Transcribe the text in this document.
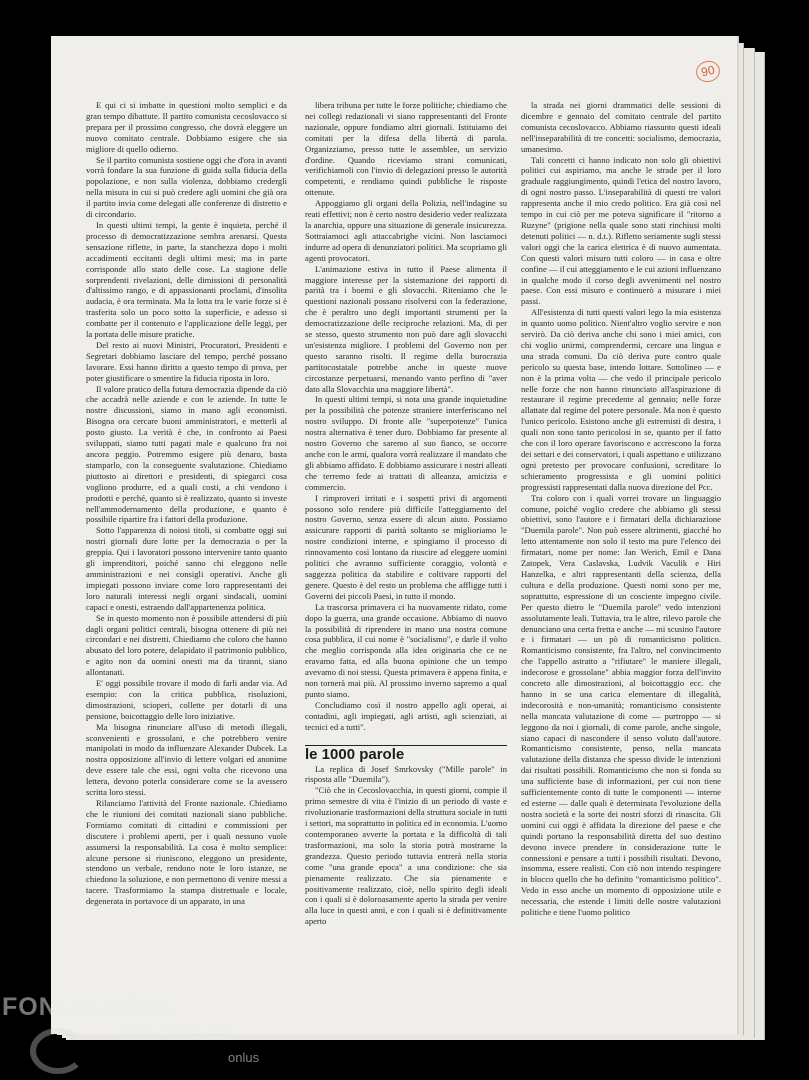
E qui ci si imbatte in questioni molto semplici e da gran tempo dibattute. Il partito comunista cecoslovacco si prepara per il prossimo congresso, che dovrà eleggere un nuovo comitato centrale. Dobbiamo esigere che sia migliore di quello odierno.

Se il partito comunista sostiene oggi che d'ora in avanti vorrà fondare la sua funzione di guida sulla fiducia della popolazione, e non sulla violenza, dobbiamo crederglì nella misura in cui si può credere agli uomini che già ora il partito invia come delegati alle conferenze di distretto e di circondario.

In questi ultimi tempi, la gente è inquieta, perché il processo di democratizzazione sembra arenarsi. Questa sensazione riflette, in parte, la stanchezza dopo i molti accadimenti eccitanti degli ultimi mesi; ma in parte corrisponde allo stato delle cose. La stagione delle sorprendenti rivelazioni, delle dimissioni di personalità d'altissimo rango, e di appassionanti proclami, d'insolita audacia, è ora terminata. Ma la lotta tra le varie forze si è trasferita solo un poco sotto la superficie, e adesso si combatte per il contenuto e l'applicazione delle leggi, per la portata delle misure pratiche.

Del resto ai nuovi Ministri, Procuratori, Presidenti e Segretari dobbiamo lasciare del tempo, perché possano lavorare. Essi hanno diritto a questo tempo di prova, per poter giustificare o smentire la fiducia riposta in loro.

Il valore pratico della futura democrazia dipende da ciò che accadrà nelle aziende e con le aziende. In tutte le nostre discussioni, siamo in mano agli economisti. Bisogna ora cercare buoni amministratori, e metterli al posto giusto. La verità è che, in confronto ai Paesi sviluppati, siamo tutti pagati male e qualcuno fra noi ancora peggio. Potremmo esigere più denaro, basta stamparlo, con la conseguente svalutazione. Chiediamo piuttosto ai direttori e presidenti, di spiegarci cosa vogliono produrre, ed a quali costi, a chi vendono i prodotti e perché, quanto si è realizzato, quanto si investe nell'ammodernamento della produzione, e quanto è possibile ripartire fra i fattori della produzione.

Sotto l'apparenza di noiosi titoli, si combatte oggi sui nostri giornali dure lotte per la democrazia o per la greppia. Qui i lavoratori possono intervenire tanto quanto gli imprenditori, poiché sanno chi eleggono nelle amministrazioni e nei consigli operativi. Anche gli impiegati possono inviare come loro rappresentanti dei loro naturali interessi negli organi sindacali, uomini capaci e onesti, estraendo dall'appartenenza politica.

Se in questo momento non è possibile attendersi di più dagli organi politici centrali, bisogna ottenere di più nei circondari e nei distretti. Chiediamo che coloro che hanno abusato del loro potere, delapidato il patrimonio pubblico, e agito non da uomini onesti ma da tiranni, siano allontanati.

E' oggi possibile trovare il modo di farli andar via. Ad esempio: con la critica pubblica, risoluzioni, dimostrazioni, scioperi, collette per dotarli di una pensione, boicottaggio delle loro iniziative.

Ma bisogna rinunciare all'uso di metodi illegali, sconvenienti e grossolani, e che potrebbero venire manipolati in modo da influenzare Alexander Dubcek. La nostra opposizione all'invio di lettere volgari ed anonime deve essere tale che essi, ogni volta che ricevono una lettera, devono poterla considerare come se la avessero scritta loro stessi.

Rilanciamo l'attività del Fronte nazionale. Chiediamo che le riunioni dei comitati nazionali siano pubbliche. Formiamo comitati di cittadini e commissioni per discutere i problemi aperti, per i quali nessuno vuole assumersi la responsabilità. La cosa è molto semplice: alcune persone si riuniscono, eleggono un presidente, stendono un verbale, rendono note le loro istanze, ne chiedono la soluzione, e non permettono di venire messi a tacere. Trasformiamo la stampa distrettuale e locale, degenerata in portavoce di un apparato, in una

libera tribuna per tutte le forze politiche; chiediamo che nei collegi redazionali vi siano rappresentanti del Fronte nazionale, oppure fondiamo altri giornali. Istituiamo dei comitati per la difesa della libertà di parola. Organizziamo, presso tutte le assemblee, un servizio d'ordine. Quando riceviamo strani comunicati, verifichiamoli con l'invio di delegazioni presso le autorità competenti, e rendiamo quindi pubbliche le risposte ottenute.

Appoggiamo gli organi della Polizia, nell'indagine su reati effettivi; non è certo nostro desiderio veder realizzata la anarchia, oppure una situazione di generale insicurezza. Sottraiamoci agli attaccabrighe vicini. Non lasciamoci indurre ad opera di denunziatori politici. Ma scopriamo gli agenti provocatori.

L'animazione estiva in tutto il Paese alimenta il maggiore interesse per la sistemazione dei rapporti di parità tra i boemi e gli slovacchi. Riteniamo che le questioni nazionali possano risolversi con la federazione, che è peraltro uno degli importanti strumenti per la democratizzazione delle reciproche relazioni. Ma, di per se stesso, questo strumento non può dare agli slovacchi un'esistenza migliore. I problemi del Governo non per questo saranno risolti. Il regime della burocrazia partitocostatale potrebbe anche in queste nuove circostanze perpetuarsi, menando vanto perfino di "aver dato alla Slovacchia una maggiore libertà".

In questi ultimi tempi, si nota una grande inquietudine per la possibilità che potenze straniere interferiscano nel nostro sviluppo. Di fronte alle "superpotenze" l'unica nostra alternativa è tener duro. Dobbiamo far presente al nostro Governo che saremo al suo fianco, se occorre anche con le armi, qualora vorrà realizzare il mandato che gli abbiamo affidato. E dobbiamo assicurare i nostri alleati che terremo fede ai trattati di alleanza, amicizia e commercio.

I rimproveri irritati e i sospetti privi di argomenti possono solo rendere più difficile l'atteggiamento del nostro Governo, senza essere di alcun aiuto. Possiamo assicurare rapporti di parità soltanto se miglioriamo le nostre condizioni interne, e spingiamo il processo di rinnovamento così lontano da riuscire ad eleggere uomini politici che avranno sufficiente coraggio, volontà e saggezza politica da stabilire e coltivare rapporti del genere. Questo è del resto un problema che affligge tutti i Governi dei piccoli Paesi, in tutto il mondo.

La trascorsa primavera ci ha nuovamente ridato, come dopo la guerra, una grande occasione. Abbiamo di nuovo la possibilità di riprendere in mano una nostra comune cosa pubblica, il cui nome è "socialismo", e darle il volto che meglio corrisponda alla idea originaria che ce ne eravamo fatta, ed alla buona opinione che un tempo avevamo di noi stessi. Questa primavera è appena finita, e non tornerà mai più. Al prossimo inverno sapremo a qual punto siamo.

Concludiamo così il nostro appello agli operai, ai contadini, agli impiegati, agli artisti, agli scienziati, ai tecnici ed a tutti".

le 1000 parole

La replica di Josef Smrkovsky ("Mille parole" in risposta alle "Duemila").

"Ciò che in Cecoslovacchia, in questi giorni, compie il primo semestre di vita è l'inizio di un periodo di vaste e rivoluzionarie trasformazioni della struttura sociale in tutti i settori, ma soprattutto in politica ed in economia. L'uomo contemporaneo avverte la portata e la difficoltà di tali trasformazioni, ma solo la storia potrà mostrarne la grandezza. Questo periodo tuttavia entrerà nella storia come "una grande epoca" a una condizione: che sia pienamente realizzato. Che sia pienamente e positivamente realizzato, cioè, nello spirito degli ideali con i quali si è doloroasamente aperto la strada per venire alla luce in questi anni, e con i quali si è definitivamente aperto

la strada nei giorni drammatici delle sessioni di dicembre e gennaio del comitato centrale del partito comunista cecoslovacco. Abbiamo riassunto questi ideali nell'inseparabilità di tre concetti: socialismo, democrazia, umanesimo.

Tali concetti ci hanno indicato non solo gli obiettivi politici cui aspiriamo, ma anche le strade per il loro graduale raggiungimento, quindi l'etica del nostro lavoro, di ogni nostro passo. L'inseparabilità di questi tre valori rappresenta anche il mio credo politico. Era già così nel tempo in cui ciò per me poteva significare il "ritorno a Ruzyne" (prigione nella quale sono stati rinchiusi molti detenuti politici — n. d.t.). Rifletto seriamente sugli stessi valori oggi che la carica elettrica è di nuovo aumentata. Con questi valori misuro tutti coloro — in casa e oltre confine — il cui atteggiamento e le cui azioni influenzano in qualche modo il corso degli avvenimenti nel nostro paese. Con essi misuro e continuerò a misurare i miei passi.

All'esistenza di tutti questi valori lego la mia esistenza in quanto uomo politico. Nient'altro voglio servire e non servirò. Da ciò deriva anche chi sono i miei amici, con chi voglio unirmi, comprendermi, cercare una lingua e una strada comuni. Da ciò deriva pure contro quale pericolo su questa base, intendo lottare. Sottolineo — e non è la prima volta — che vedo il principale pericolo nelle forze che non hanno rinunciato all'aspirazione di restaurare il regime precedente al gennaio; nelle forze allattate dal regime del potere personale. Ma non è questo l'unico pericolo. Esistono anche gli estremisti di destra, i quali non sono tanto pericolosi in se, quanto per il fatto che con il loro operare favoriscono e accrescono la forza dei settari e dei conservatori, i quali aspettano e utilizzano ogni pretesto per provocare confusioni, screditare lo schieramento progressista e gli uomini politici progressisti rappresentati dalla nuova direzione del Pcc.

Tra coloro con i quali vorrei trovare un linguaggio comune, poiché voglio credere che abbiamo gli stessi obiettivi, sono l'autore e i firmatari della dichiarazione "Duemila parole". Non può essere altrimenti, giacché ho letto attentamente non solo il testo ma pure l'elenco dei firmatari, nome per nome: Jan Werich, Emil e Dana Zatopek, Vera Caslavska, Ludvik Vaculik e Hiri Hanzelka, e altri rappresentanti della scienza, della cultura e della produzione. Questi nomi sono per me, soprattutto, espressione di un cosciente impegno civile. Per questo dietro le "Duemila parole" vedo intenzioni assolutamente leali. Tuttavia, tra le altre, rilevo parole che denunciano una certa fretta e anche — mi scusino l'autore e i firmatari — un pò di romanticismo politico. Romanticismo consistente, fra l'altro, nel convincimento che l'appello astratto a "rifiutare" le maniere illegali, indecorose e grossolane" abbia maggior forza dell'invito concreto alle dimostrazioni, al boicottaggio ecc. che hanno in se una carica elementare di illegalità, indecorosità e non-umanità; romanticismo consistente nella mancata valutazione di come — purtroppo — si leggono da noi i giornali, di come parole, anche singole, siano capaci di nascondere il senso voluto dall'autore. Romanticismo consistente, penso, nella mancata valutazione della distanza che spesso divide le intenzioni dai risultati possibili. Romanticismo che non si fonda su una sufficiente base di informazioni, per cui non tiene sufficientemente conto di tutte le componenti — interne ed esterne — dalle quali è determinata l'evoluzione della nostra società e la sorte dei nostri sforzi di rinascita. Gli uomini cui oggi è affidata la direzione del paese e che quindi portano la responsabilità diretta del suo destino devono invece prendere in considerazione tutte le connessioni e pensare a tutti i possibili risultati. Devono, insomma, essere realisti. Con ciò non intendo respingere in blocco quello che ho definito "romanticismo politico". Vedo in esso anche un momento di opposizione utile e necessaria, che estende i limiti delle nostre valutazioni politiche e tiene l'uomo politico

90
FONDAZIONE
GRAMSCI
onlus
